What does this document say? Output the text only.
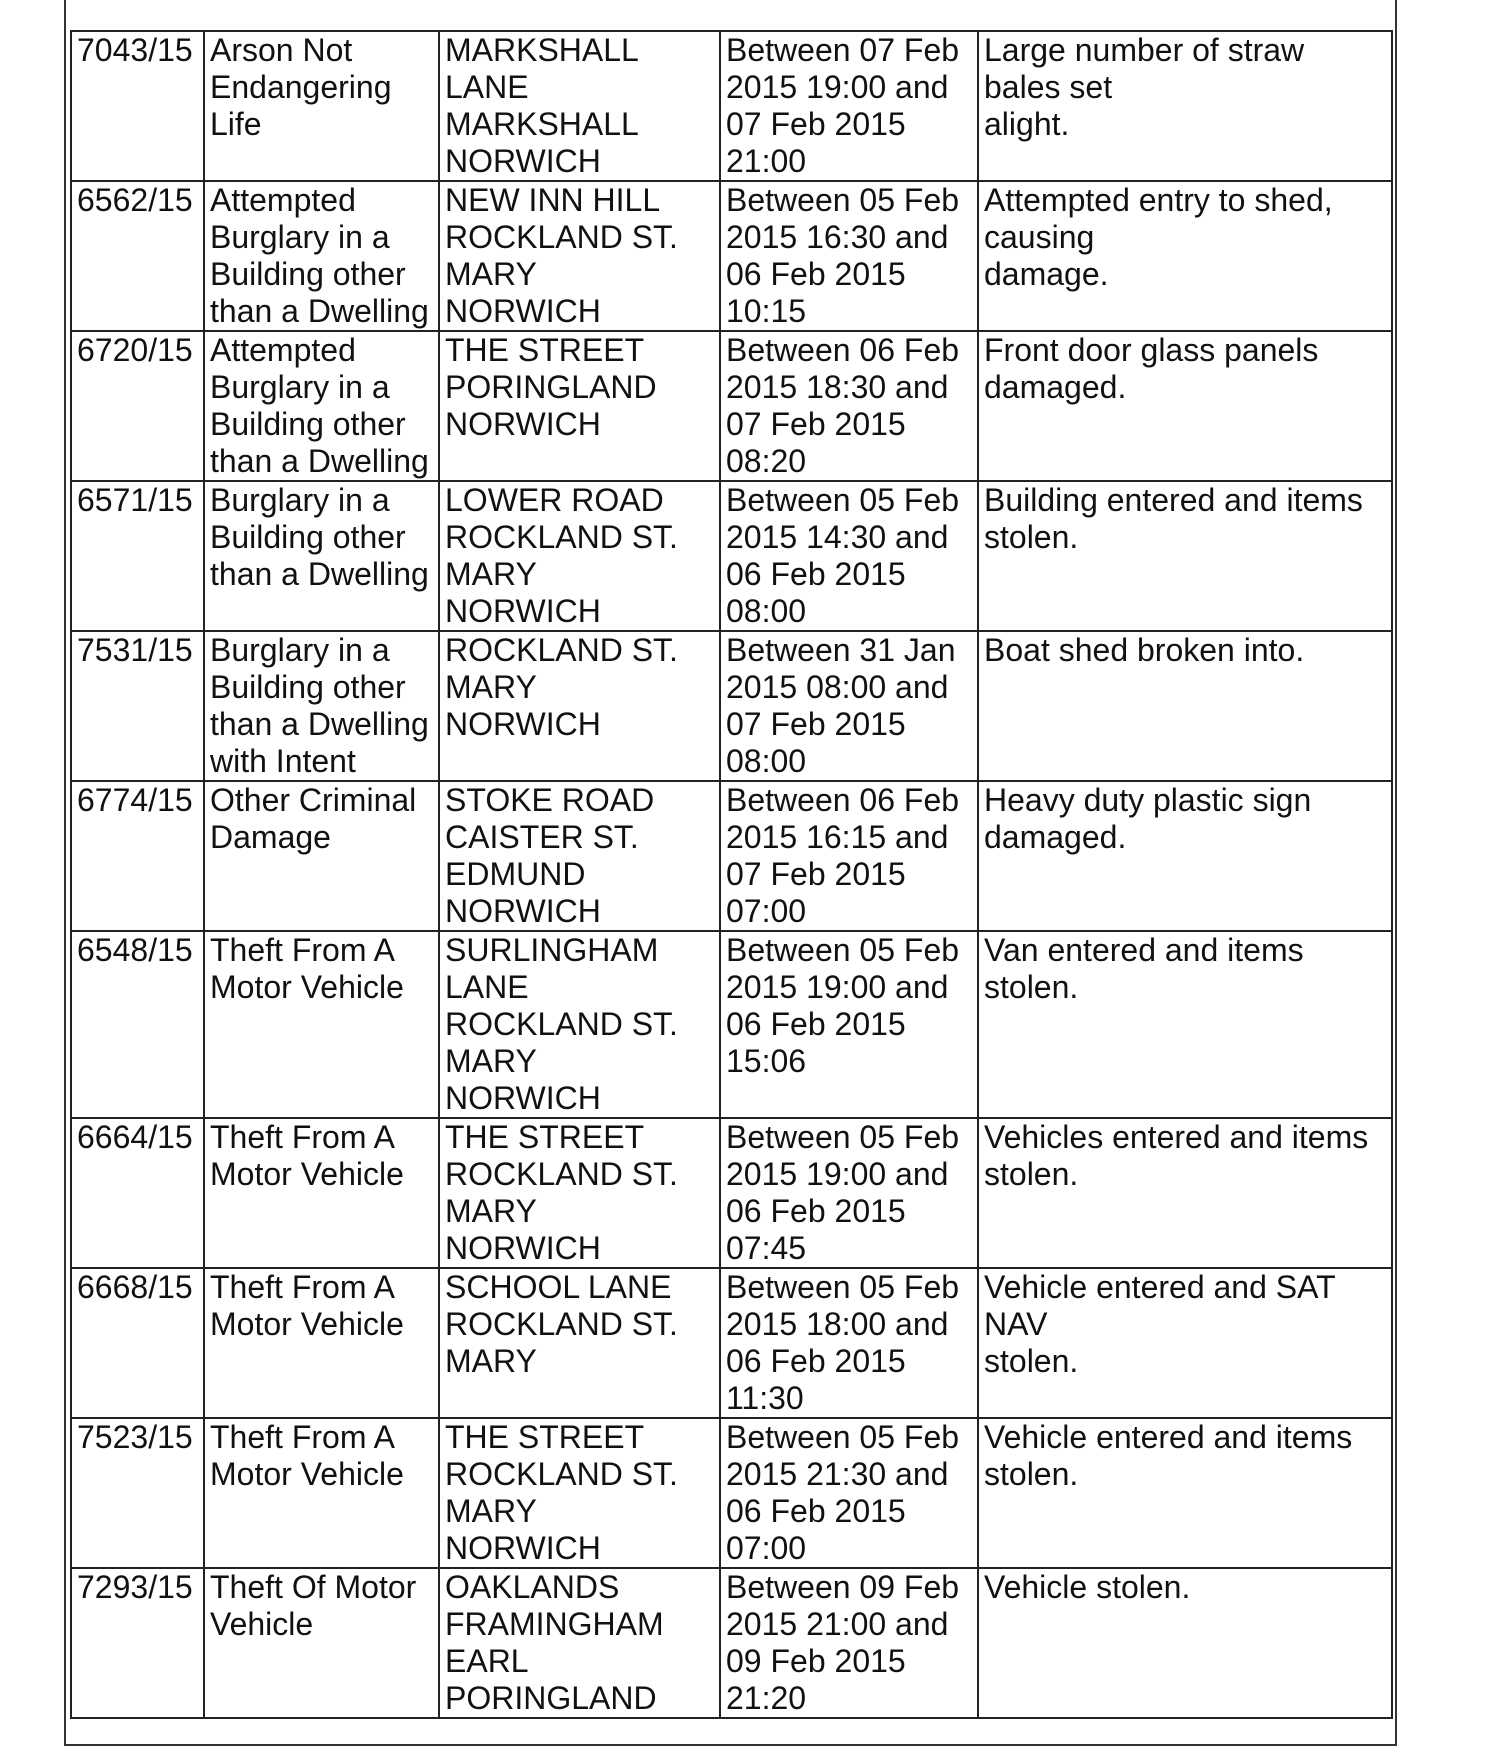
7043/15	Arson Not
Endangering
Life	MARKSHALL
LANE
MARKSHALL
NORWICH	Between 07 Feb
2015 19:00 and
07 Feb 2015
21:00	Large number of straw bales set
alight.
6562/15	Attempted
Burglary in a
Building other
than a Dwelling	NEW INN HILL
ROCKLAND ST.
MARY
NORWICH	Between 05 Feb
2015 16:30 and
06 Feb 2015
10:15	Attempted entry to shed, causing
damage.
6720/15	Attempted
Burglary in a
Building other
than a Dwelling	THE STREET
PORINGLAND
NORWICH	Between 06 Feb
2015 18:30 and
07 Feb 2015
08:20	Front door glass panels
damaged.
6571/15	Burglary in a
Building other
than a Dwelling	LOWER ROAD
ROCKLAND ST.
MARY
NORWICH	Between 05 Feb
2015 14:30 and
06 Feb 2015
08:00	Building entered and items
stolen.
7531/15	Burglary in a
Building other
than a Dwelling
with Intent	ROCKLAND ST.
MARY
NORWICH	Between 31 Jan
2015 08:00 and
07 Feb 2015
08:00	Boat shed broken into.
6774/15	Other Criminal
Damage	STOKE ROAD
CAISTER ST.
EDMUND
NORWICH	Between 06 Feb
2015 16:15 and
07 Feb 2015
07:00	Heavy duty plastic sign
damaged.
6548/15	Theft From A
Motor Vehicle	SURLINGHAM
LANE
ROCKLAND ST.
MARY
NORWICH	Between 05 Feb
2015 19:00 and
06 Feb 2015
15:06	Van entered and items stolen.
6664/15	Theft From A
Motor Vehicle	THE STREET
ROCKLAND ST.
MARY
NORWICH	Between 05 Feb
2015 19:00 and
06 Feb 2015
07:45	Vehicles entered and items
stolen.
6668/15	Theft From A
Motor Vehicle	SCHOOL LANE
ROCKLAND ST.
MARY	Between 05 Feb
2015 18:00 and
06 Feb 2015
11:30	Vehicle entered and SAT NAV
stolen.
7523/15	Theft From A
Motor Vehicle	THE STREET
ROCKLAND ST.
MARY
NORWICH	Between 05 Feb
2015 21:30 and
06 Feb 2015
07:00	Vehicle entered and items
stolen.
7293/15	Theft Of Motor
Vehicle	OAKLANDS
FRAMINGHAM
EARL
PORINGLAND	Between 09 Feb
2015 21:00 and
09 Feb 2015
21:20	Vehicle stolen.
